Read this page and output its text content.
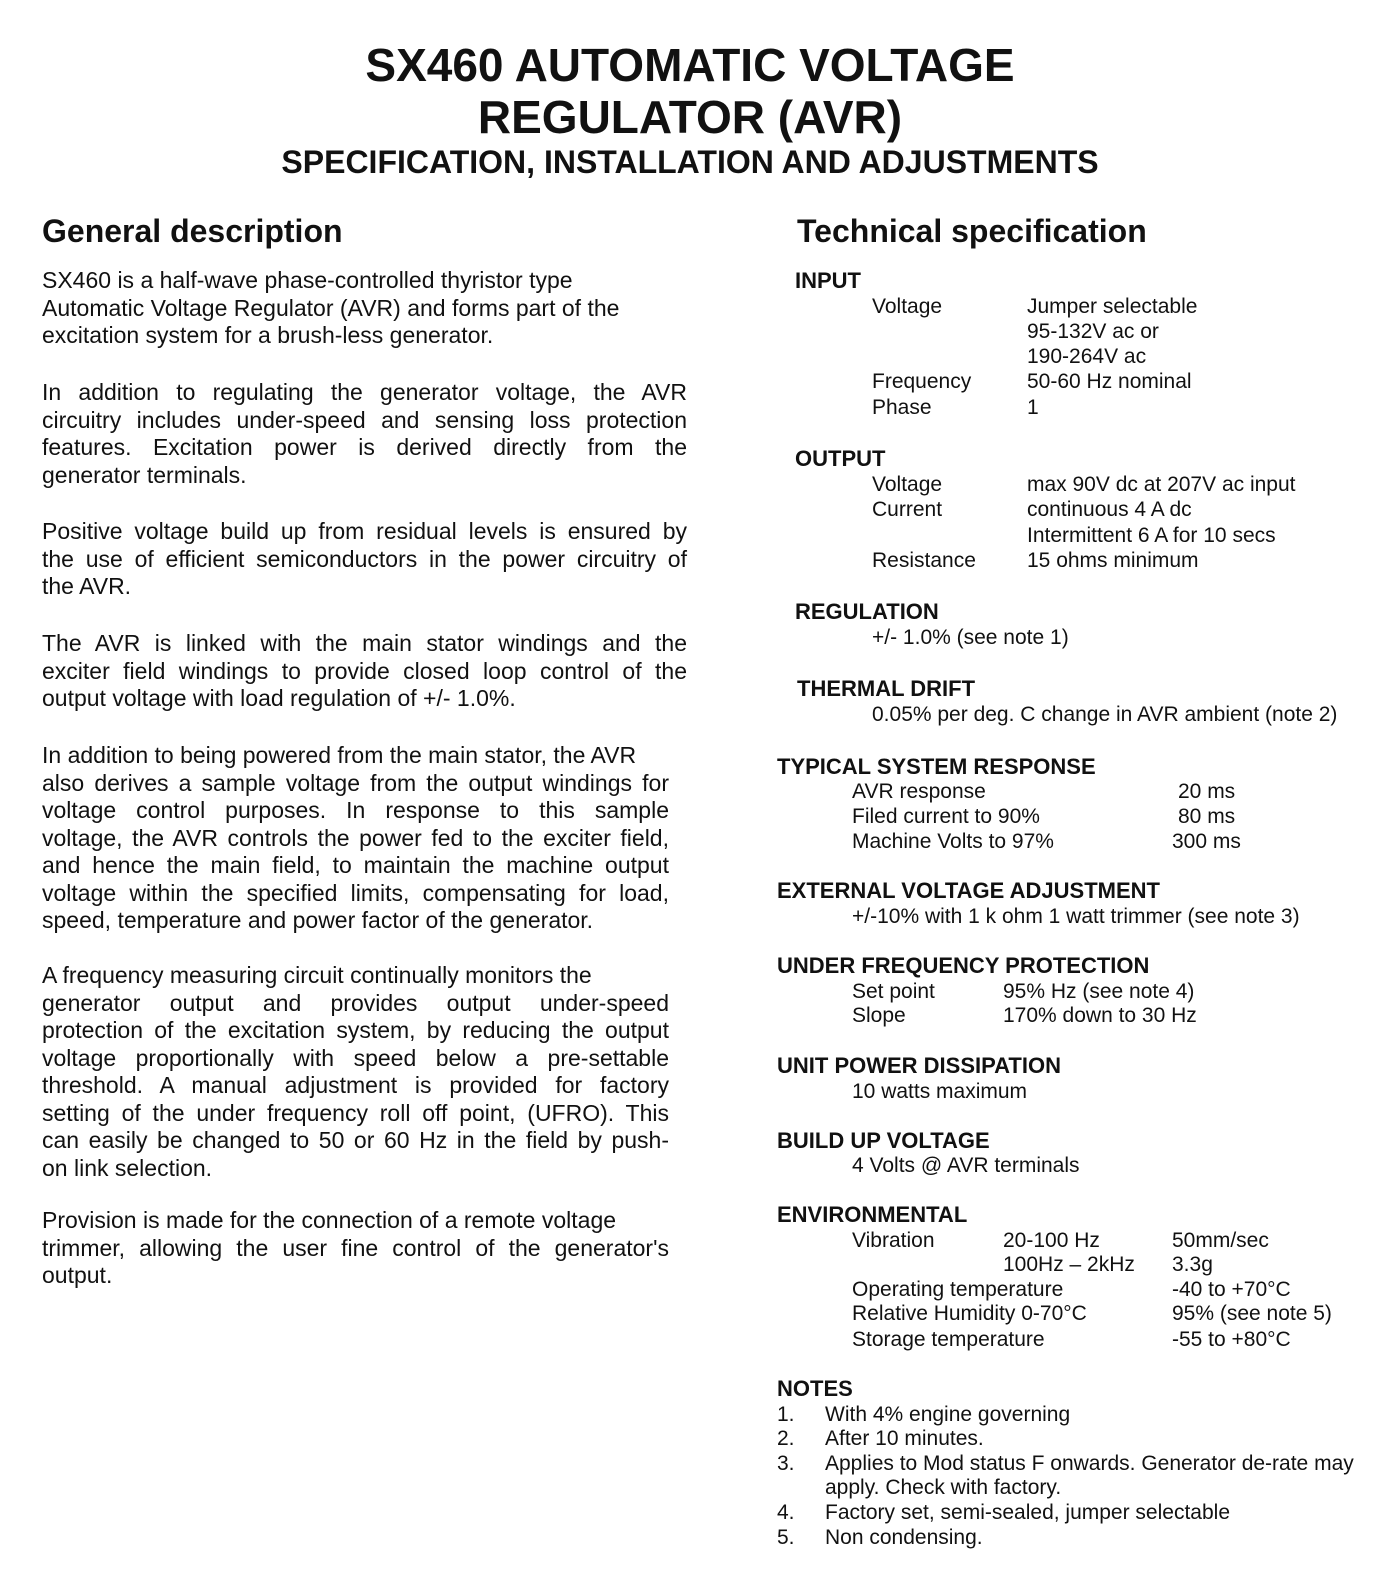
SX460 AUTOMATIC VOLTAGE
REGULATOR (AVR)
SPECIFICATION, INSTALLATION AND ADJUSTMENTS
General description
SX460 is a half-wave phase-controlled thyristor type
Automatic Voltage Regulator (AVR) and forms part of the
excitation system for a brush-less generator.
In addition to regulating the generator voltage, the AVR
circuitry includes under-speed and sensing loss protection
features. Excitation power is derived directly from the
generator terminals.
Positive voltage build up from residual levels is ensured by
the use of efficient semiconductors in the power circuitry of
the AVR.
The AVR is linked with the main stator windings and the
exciter field windings to provide closed loop control of the
output voltage with load regulation of +/- 1.0%.
In addition to being powered from the main stator, the AVR
also derives a sample voltage from the output windings for
voltage control purposes. In response to this sample
voltage, the AVR controls the power fed to the exciter field,
and hence the main field, to maintain the machine output
voltage within the specified limits, compensating for load,
speed, temperature and power factor of the generator.
A frequency measuring circuit continually monitors the
generator output and provides output under-speed
protection of the excitation system, by reducing the output
voltage proportionally with speed below a pre-settable
threshold. A manual adjustment is provided for factory
setting of the under frequency roll off point, (UFRO). This
can easily be changed to 50 or 60 Hz in the field by push-
on link selection.
Provision is made for the connection of a remote voltage
trimmer, allowing the user fine control of the generator's
output.
Technical specification
INPUT
Voltage	Jumper selectable
95-132V ac or
190-264V ac
Frequency	50-60 Hz nominal
Phase	1
OUTPUT
Voltage	max 90V dc at 207V ac input
Current	continuous 4 A dc
Intermittent 6 A for 10 secs
Resistance 15 ohms minimum
REGULATION
+/- 1.0% (see note 1)
THERMAL DRIFT
0.05% per deg. C change in AVR ambient (note 2)
TYPICAL SYSTEM RESPONSE
AVR response	20 ms
Filed current to 90%	80 ms
Machine Volts to 97%	300 ms
EXTERNAL VOLTAGE ADJUSTMENT
+/-10% with 1 k ohm 1 watt trimmer (see note 3)
UNDER FREQUENCY PROTECTION
Set point	95% Hz (see note 4)
Slope	170% down to 30 Hz
UNIT POWER DISSIPATION
10 watts maximum
BUILD UP VOLTAGE
4 Volts @ AVR terminals
ENVIRONMENTAL
Vibration	20-100 Hz	50mm/sec
100Hz – 2kHz 3.3g
Operating temperature	-40 to +70°C
Relative Humidity 0-70°C	95% (see note 5)
Storage temperature	-55 to +80°C
NOTES
1. With 4% engine governing
2. After 10 minutes.
3. Applies to Mod status F onwards. Generator de-rate may
apply. Check with factory.
4. Factory set, semi-sealed, jumper selectable
5. Non condensing.
